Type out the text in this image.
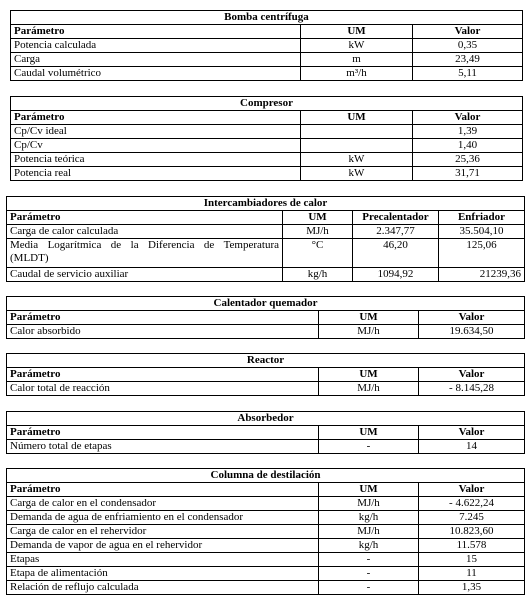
Bomba centrífuga		
Parámetro	UM	Valor
Potencia calculada	kW	0,35
Carga	m	23,49
Caudal volumétrico	m³/h	5,11
Compresor		
Parámetro	UM	Valor
Cp/Cv ideal		1,39
Cp/Cv		1,40
Potencia teórica	kW	25,36
Potencia real	kW	31,71
Intercambiadores de calor			
Parámetro	UM	Precalentador	Enfriador
Carga de calor calculada	MJ/h	2.347,77	35.504,10
Media Logarítmica de la Diferencia de Temperatura (MLDT)	°C	46,20	125,06
Caudal de servicio auxiliar	kg/h	1094,92	21239,36
Calentador quemador		
Parámetro	UM	Valor
Calor absorbido	MJ/h	19.634,50
Reactor		
Parámetro	UM	Valor
Calor total de reacción	MJ/h	- 8.145,28
Absorbedor		
Parámetro	UM	Valor
Número total de etapas	-	14
Columna de destilación		
Parámetro	UM	Valor
Carga de calor en el condensador	MJ/h	- 4.622,24
Demanda de agua de enfriamiento en el condensador	kg/h	7.245
Carga de calor en el rehervidor	MJ/h	10.823,60
Demanda de vapor de agua en el rehervidor	kg/h	11.578
Etapas	-	15
Etapa de alimentación	-	11
Relación de reflujo calculada	-	1,35
